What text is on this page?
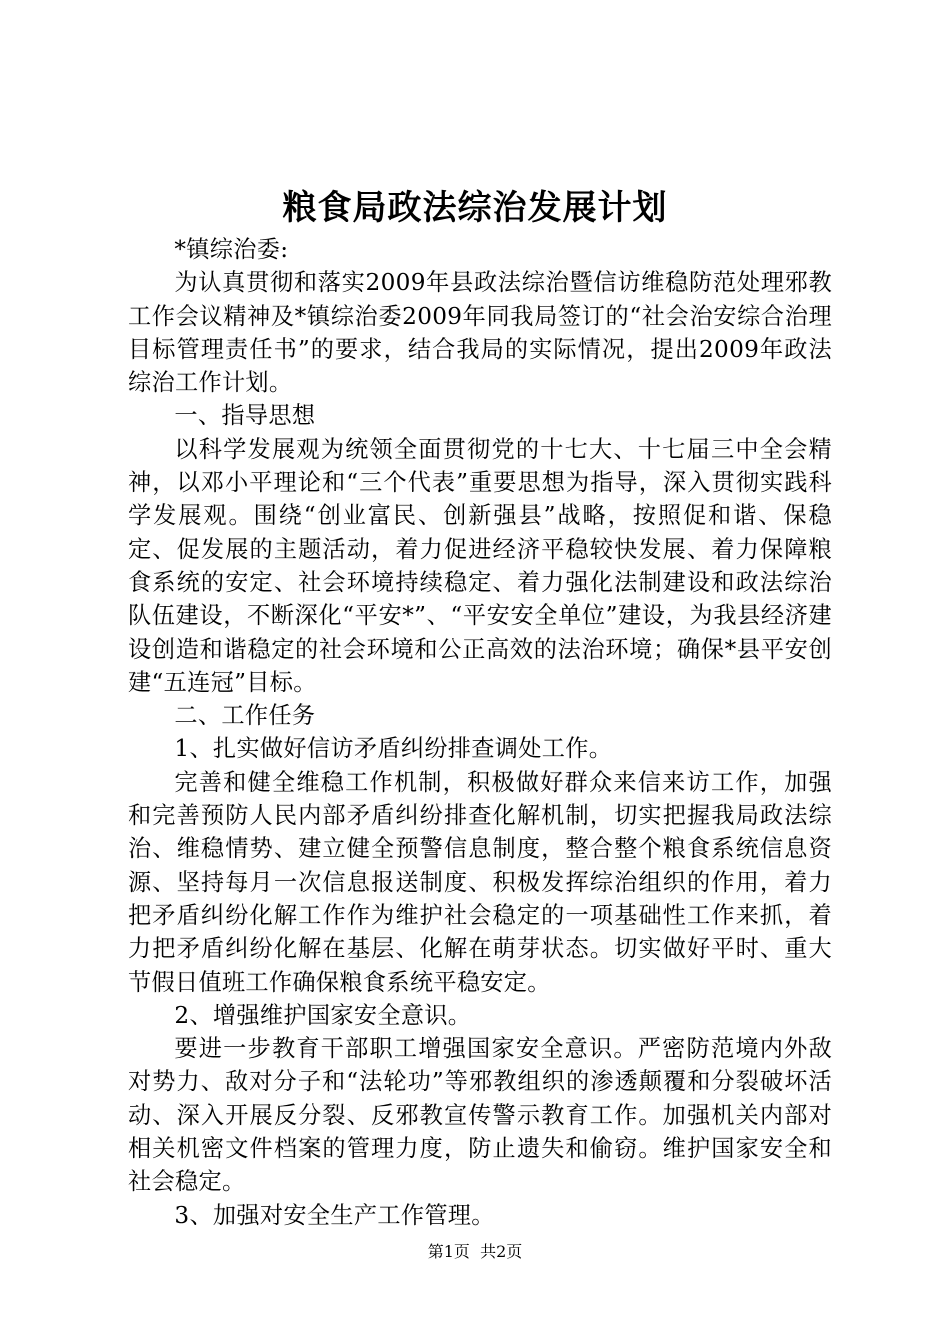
粮食局政法综治发展计划

*镇综治委:

为认真贯彻和落实2009年县政法综治暨信访维稳防范处理邪教工作会议精神及*镇综治委2009年同我局签订的“社会治安综合治理目标管理责任书”的要求，结合我局的实际情况，提出2009年政法综治工作计划。

一、指导思想

以科学发展观为统领全面贯彻党的十七大、十七届三中全会精神，以邓小平理论和“三个代表”重要思想为指导，深入贯彻实践科学发展观。围绕“创业富民、创新强县”战略，按照促和谐、保稳定、促发展的主题活动，着力促进经济平稳较快发展、着力保障粮食系统的安定、社会环境持续稳定、着力强化法制建设和政法综治队伍建设，不断深化“平安*”、“平安安全单位”建设，为我县经济建设创造和谐稳定的社会环境和公正高效的法治环境；确保*县平安创建“五连冠”目标。

二、工作任务

1、扎实做好信访矛盾纠纷排查调处工作。

完善和健全维稳工作机制，积极做好群众来信来访工作，加强和完善预防人民内部矛盾纠纷排查化解机制，切实把握我局政法综治、维稳情势、建立健全预警信息制度，整合整个粮食系统信息资源、坚持每月一次信息报送制度、积极发挥综治组织的作用，着力把矛盾纠纷化解工作作为维护社会稳定的一项基础性工作来抓，着力把矛盾纠纷化解在基层、化解在萌芽状态。切实做好平时、重大节假日值班工作确保粮食系统平稳安定。

2、增强维护国家安全意识。

要进一步教育干部职工增强国家安全意识。严密防范境内外敌对势力、敌对分子和“法轮功”等邪教组织的渗透颠覆和分裂破坏活动、深入开展反分裂、反邪教宣传警示教育工作。加强机关内部对相关机密文件档案的管理力度，防止遗失和偷窃。维护国家安全和社会稳定。

3、加强对安全生产工作管理。

第1页  共2页
